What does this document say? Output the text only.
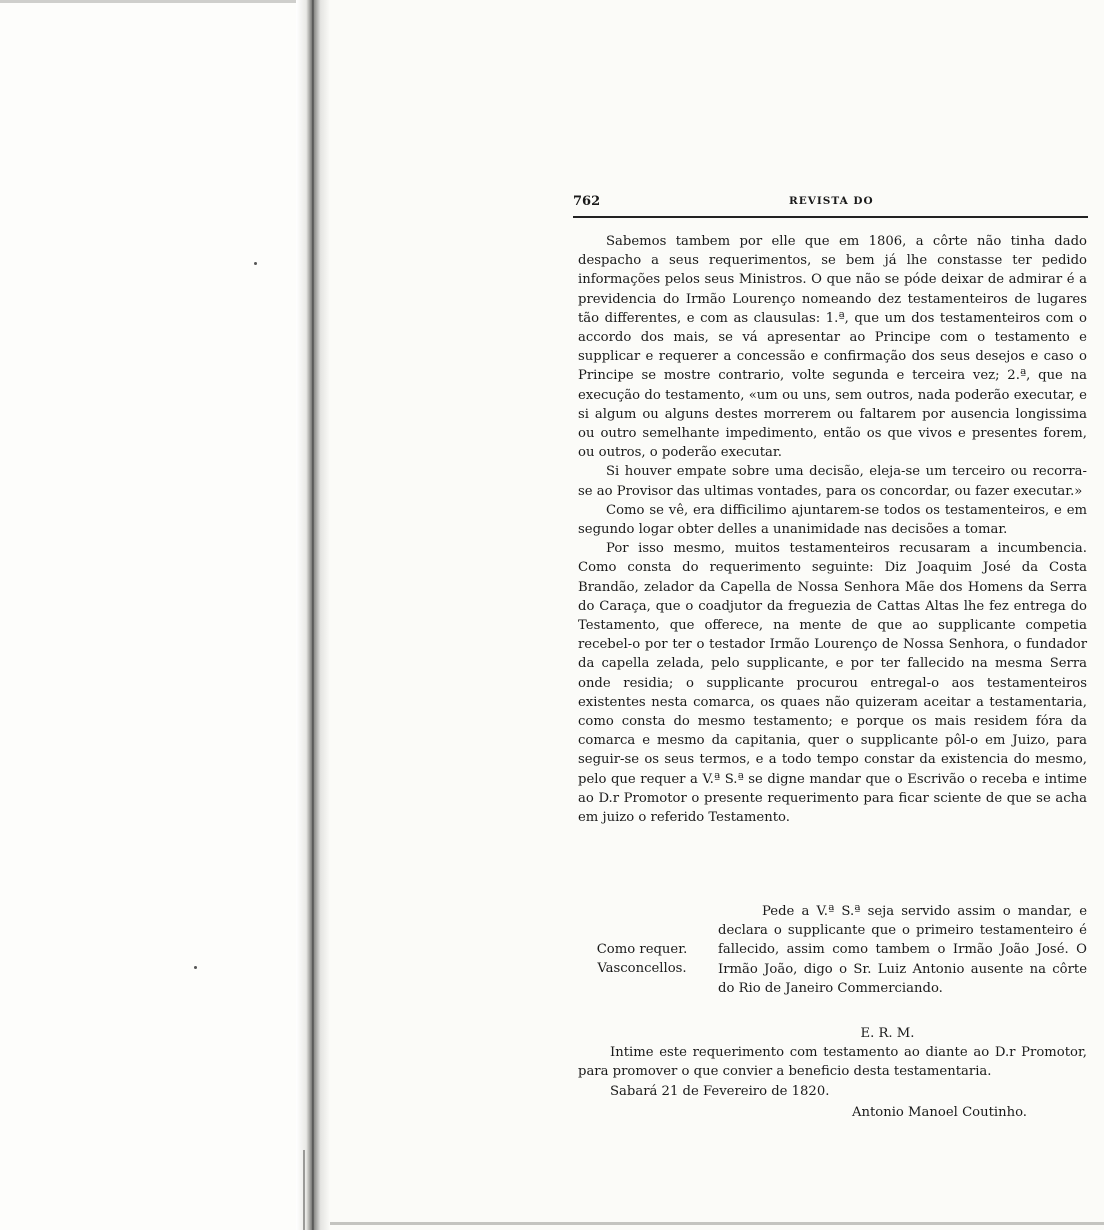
762	REVISTA DO

Sabemos tambem por elle que em 1806, a côrte não tinha dado despacho a seus requerimentos, se bem já lhe constasse ter pedido informações pelos seus Ministros. O que não se póde deixar de admirar é a previdencia do Irmão Lourenço nomeando dez testamenteiros de lugares tão differentes, e com as clausulas: 1.ª, que um dos testamenteiros com o accordo dos mais, se vá apresentar ao Principe com o testamento e supplicar e requerer a concessão e confirmação dos seus desejos e caso o Principe se mostre contrario, volte segunda e terceira vez; 2.ª, que na execução do testamento, «um ou uns, sem outros, nada poderão executar, e si algum ou alguns destes morrerem ou faltarem por ausencia longissima ou outro semelhante impedimento, então os que vivos e presentes forem, ou outros, o poderão executar.

Si houver empate sobre uma decisão, eleja-se um terceiro ou recorra-se ao Provisor das ultimas vontades, para os concordar, ou fazer executar.»

Como se vê, era difficilimo ajuntarem-se todos os testamenteiros, e em segundo logar obter delles a unanimidade nas decisões a tomar.

Por isso mesmo, muitos testamenteiros recusaram a incumbencia. Como consta do requerimento seguinte: Diz Joaquim José da Costa Brandão, zelador da Capella de Nossa Senhora Mãe dos Homens da Serra do Caraça, que o coadjutor da freguezia de Cattas Altas lhe fez entrega do Testamento, que offerece, na mente de que ao supplicante competia recebel-o por ter o testador Irmão Lourenço de Nossa Senhora, o fundador da capella zelada, pelo supplicante, e por ter fallecido na mesma Serra onde residia; o supplicante procurou entregal-o aos testamenteiros existentes nesta comarca, os quaes não quizeram aceitar a testamentaria, como consta do mesmo testamento; e porque os mais residem fóra da comarca e mesmo da capitania, quer o supplicante pôl-o em Juizo, para seguir-se os seus termos, e a todo tempo constar da existencia do mesmo, pelo que requer a V.ª S.ª se digne mandar que o Escrivão o receba e intime ao D.r Promotor o presente requerimento para ficar sciente de que se acha em juizo o referido Testamento.

Como requer.
Vasconcellos.
Pede a V.ª S.ª seja servido assim o mandar, e declara o supplicante que o primeiro testamenteiro é fallecido, assim como tambem o Irmão João José. O Irmão João, digo o Sr. Luiz Antonio ausente na côrte do Rio de Janeiro Commerciando.
E. R. M.
Intime este requerimento com testamento ao diante ao D.r Promotor, para promover o que convier a beneficio desta testamentaria.
Sabará 21 de Fevereiro de 1820.
Antonio Manoel Coutinho.
